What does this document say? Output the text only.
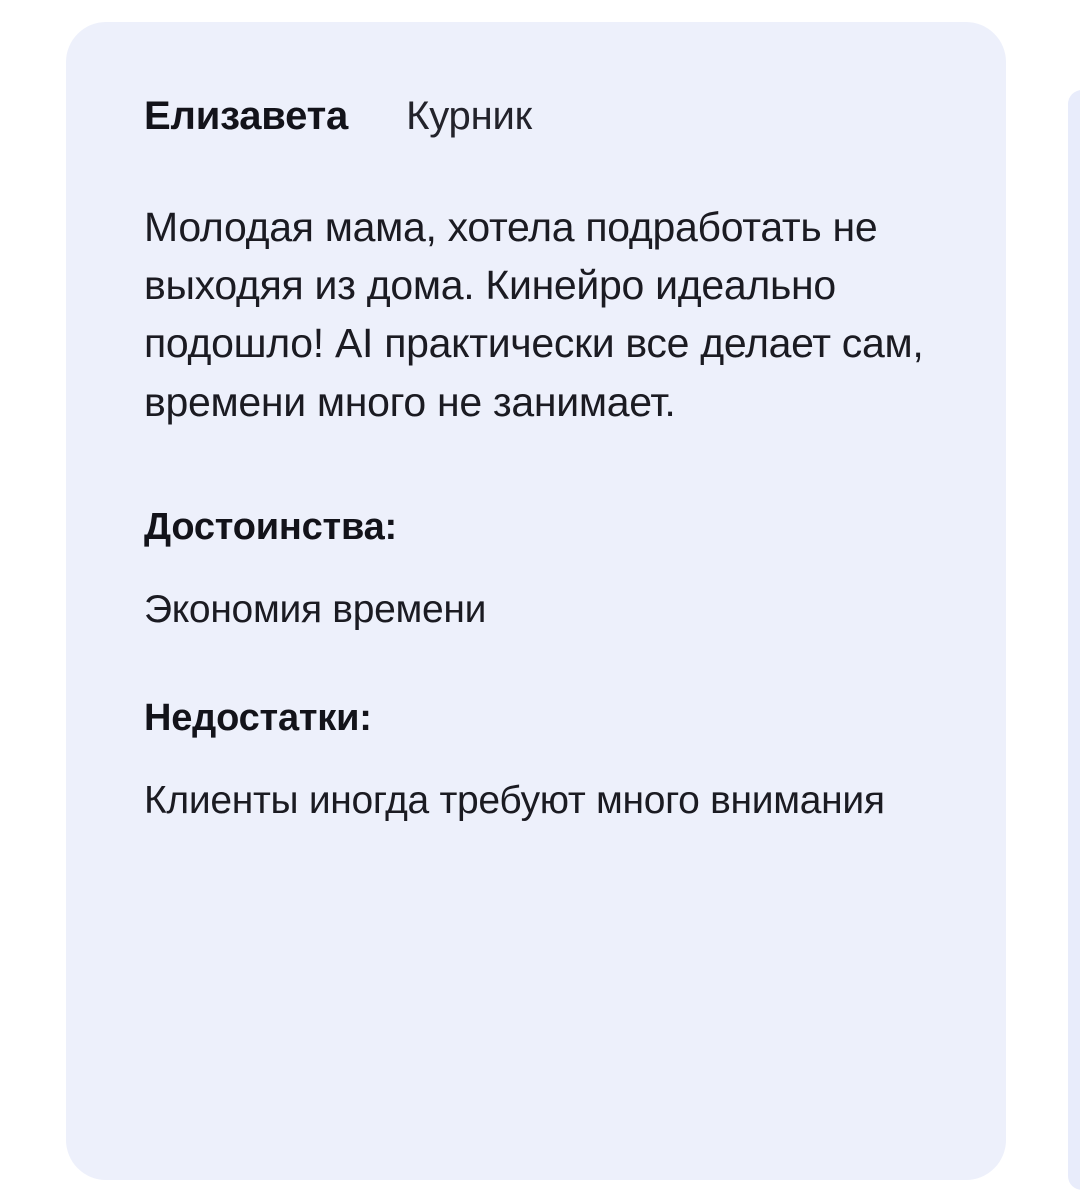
Елизавета Курник

Молодая мама, хотела подработать не выходяя из дома. Кинейро идеально подошло! AI практически все делает сам, времени много не занимает.

Достоинства:

Экономия времени

Недостатки:

Клиенты иногда требуют много внимания
